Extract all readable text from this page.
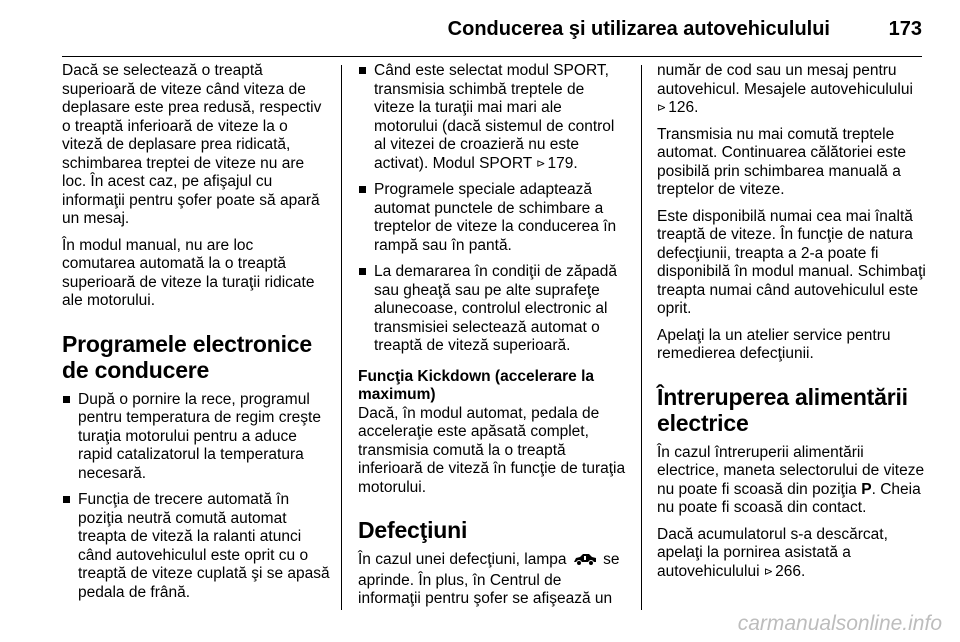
Conducerea şi utilizarea autovehiculului	173

Dacă se selectează o treaptă superioară de viteze când viteza de deplasare este prea redusă, respectiv o treaptă inferioară de viteze la o viteză de deplasare prea ridicată, schimbarea treptei de viteze nu are loc. În acest caz, pe afişajul cu informaţii pentru şofer poate să apară un mesaj.

În modul manual, nu are loc comutarea automată la o treaptă superioară de viteze la turaţii ridicate ale motorului.

Programele electronice de conducere
După o pornire la rece, programul pentru temperatura de regim creşte turaţia motorului pentru a aduce rapid catalizatorul la temperatura necesară.
Funcţia de trecere automată în poziţia neutră comută automat treapta de viteză la ralanti atunci când autovehiculul este oprit cu o treaptă de viteze cuplată şi se apasă pedala de frână.
Când este selectat modul SPORT, transmisia schimbă treptele de viteze la turaţii mai mari ale motorului (dacă sistemul de control al vitezei de croazieră nu este activat). Modul SPORT ⊳ 179.
Programele speciale adaptează automat punctele de schimbare a treptelor de viteze la conducerea în rampă sau în pantă.
La demararea în condiţii de zăpadă sau gheaţă sau pe alte suprafeţe alunecoase, controlul electronic al transmisiei selectează automat o treaptă de viteză superioară.
Funcţia Kickdown (accelerare la maximum)

Dacă, în modul automat, pedala de acceleraţie este apăsată complet, transmisia comută la o treaptă inferioară de viteză în funcţie de turaţia motorului.

Defecţiuni

În cazul unei defecţiuni, lampa se aprinde. În plus, în Centrul de informaţii pentru şofer se afişează un

număr de cod sau un mesaj pentru autovehicul. Mesajele autovehiculului ⊳ 126.

Transmisia nu mai comută treptele automat. Continuarea călătoriei este posibilă prin schimbarea manuală a treptelor de viteze.

Este disponibilă numai cea mai înaltă treaptă de viteze. În funcţie de natura defecţiunii, treapta a 2-a poate fi disponibilă în modul manual. Schimbaţi treapta numai când autovehiculul este oprit.

Apelaţi la un atelier service pentru remedierea defecţiunii.

Întreruperea alimentării electrice

În cazul întreruperii alimentării electrice, maneta selectorului de viteze nu poate fi scoasă din poziţia P. Cheia nu poate fi scoasă din contact.

Dacă acumulatorul s-a descărcat, apelaţi la pornirea asistată a autovehiculului ⊳ 266.

carmanualsonline.info
